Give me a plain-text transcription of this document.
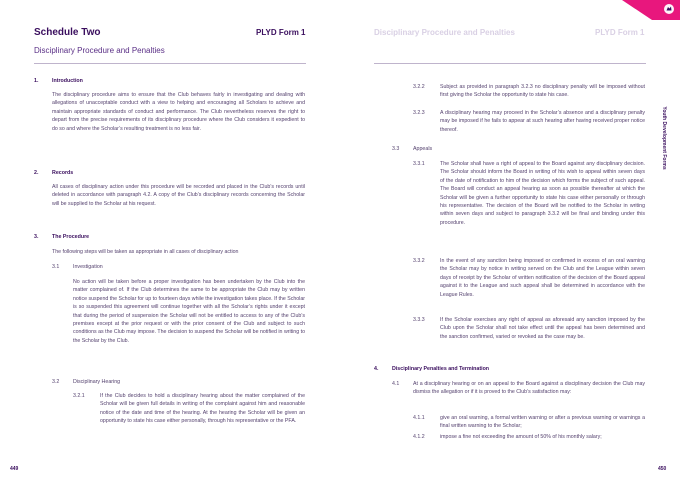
Schedule Two	PLYD Form 1
Disciplinary Procedure and Penalties
1.	Introduction
The disciplinary procedure aims to ensure that the Club behaves fairly in investigating and dealing with allegations of unacceptable conduct with a view to helping and encouraging all Scholars to achieve and maintain appropriate standards of conduct and performance. The Club nevertheless reserves the right to depart from the precise requirements of its disciplinary procedure where the Club considers it expedient to do so and where the Scholar’s resulting treatment is no less fair.
2.	Records
All cases of disciplinary action under this procedure will be recorded and placed in the Club’s records until deleted in accordance with paragraph 4.2. A copy of the Club’s disciplinary records concerning the Scholar will be supplied to the Scholar at his request.
3.	The Procedure
The following steps will be taken as appropriate in all cases of disciplinary action
3.1	Investigation
No action will be taken before a proper investigation has been undertaken by the Club into the matter complained of. If the Club determines the same to be appropriate the Club may by written notice suspend the Scholar for up to fourteen days while the investigation takes place. If the Scholar is so suspended this agreement will continue together with all the Scholar’s rights under it except that during the period of suspension the Scholar will not be entitled to access to any of the Club’s premises except at the prior request or with the prior consent of the Club and subject to such conditions as the Club may impose. The decision to suspend the Scholar will be notified in writing to the Scholar by the Club.
3.2	Disciplinary Hearing
3.2.1	If the Club decides to hold a disciplinary hearing about the matter complained of the Scholar will be given full details in writing of the complaint against him and reasonable notice of the date and time of the hearing. At the hearing the Scholar will be given an opportunity to state his case either personally, through his representative or the PFA.
449
Disciplinary Procedure and Penalties	PLYD Form 1
3.2.2	Subject as provided in paragraph 3.2.3 no disciplinary penalty will be imposed without first giving the Scholar the opportunity to state his case.
3.2.3	A disciplinary hearing may proceed in the Scholar’s absence and a disciplinary penalty may be imposed if he fails to appear at such hearing after having received proper notice thereof.
3.3	Appeals
3.3.1	The Scholar shall have a right of appeal to the Board against any disciplinary decision. The Scholar should inform the Board in writing of his wish to appeal within seven days of the date of notification to him of the decision which forms the subject of such appeal. The Board will conduct an appeal hearing as soon as possible thereafter at which the Scholar will be given a further opportunity to state his case either personally or through his representative. The decision of the Board will be notified to the Scholar in writing within seven days and subject to paragraph 3.3.2 will be final and binding under this procedure.
3.3.2	In the event of any sanction being imposed or confirmed in excess of an oral warning the Scholar may by notice in writing served on the Club and the League within seven days of receipt by the Scholar of written notification of the decision of the Board appeal against it to the League and such appeal shall be determined in accordance with the League Rules.
3.3.3	If the Scholar exercises any right of appeal as aforesaid any sanction imposed by the Club upon the Scholar shall not take effect until the appeal has been determined and the sanction confirmed, varied or revoked as the case may be.
4.	Disciplinary Penalties and Termination
4.1	At a disciplinary hearing or on an appeal to the Board against a disciplinary decision the Club may dismiss the allegation or if it is proved to the Club’s satisfaction may:
4.1.1	give an oral warning, a formal written warning or after a previous warning or warnings a final written warning to the Scholar;
4.1.2	impose a fine not exceeding the amount of 50% of his monthly salary;
450
Youth Development Forms
